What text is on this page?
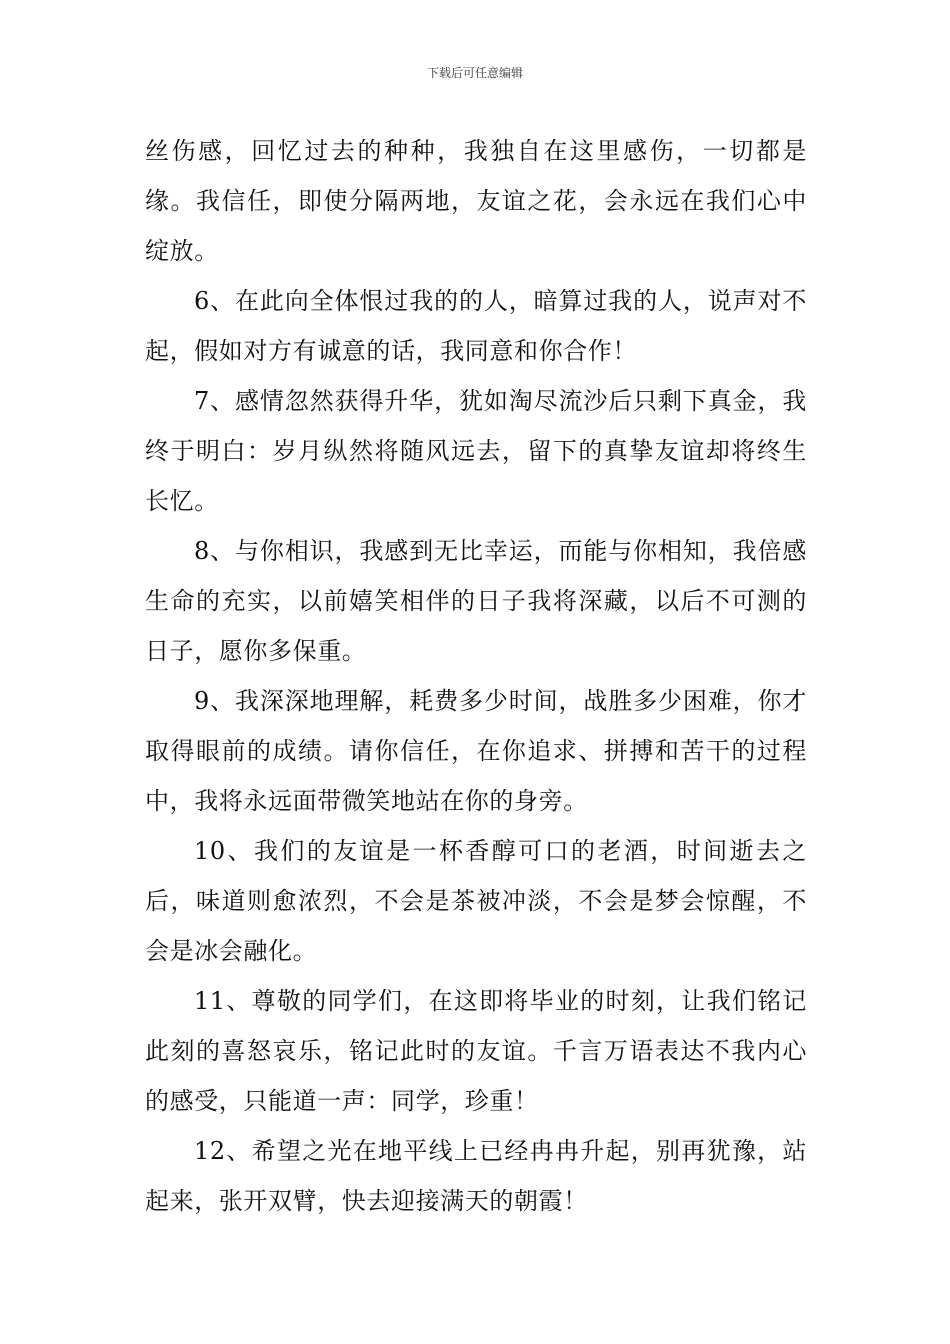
下载后可任意编辑

丝伤感，回忆过去的种种，我独自在这里感伤，一切都是缘。我信任，即使分隔两地，友谊之花，会永远在我们心中绽放。

6、在此向全体恨过我的的人，暗算过我的人，说声对不起，假如对方有诚意的话，我同意和你合作！

7、感情忽然获得升华，犹如淘尽流沙后只剩下真金，我终于明白：岁月纵然将随风远去，留下的真挚友谊却将终生长忆。

8、与你相识，我感到无比幸运，而能与你相知，我倍感生命的充实，以前嬉笑相伴的日子我将深藏，以后不可测的日子，愿你多保重。

9、我深深地理解，耗费多少时间，战胜多少困难，你才取得眼前的成绩。请你信任，在你追求、拼搏和苦干的过程中，我将永远面带微笑地站在你的身旁。

10、我们的友谊是一杯香醇可口的老酒，时间逝去之后，味道则愈浓烈，不会是茶被冲淡，不会是梦会惊醒，不会是冰会融化。

11、尊敬的同学们，在这即将毕业的时刻，让我们铭记此刻的喜怒哀乐，铭记此时的友谊。千言万语表达不我内心的感受，只能道一声：同学，珍重！

12、希望之光在地平线上已经冉冉升起，别再犹豫，站起来，张开双臂，快去迎接满天的朝霞！
